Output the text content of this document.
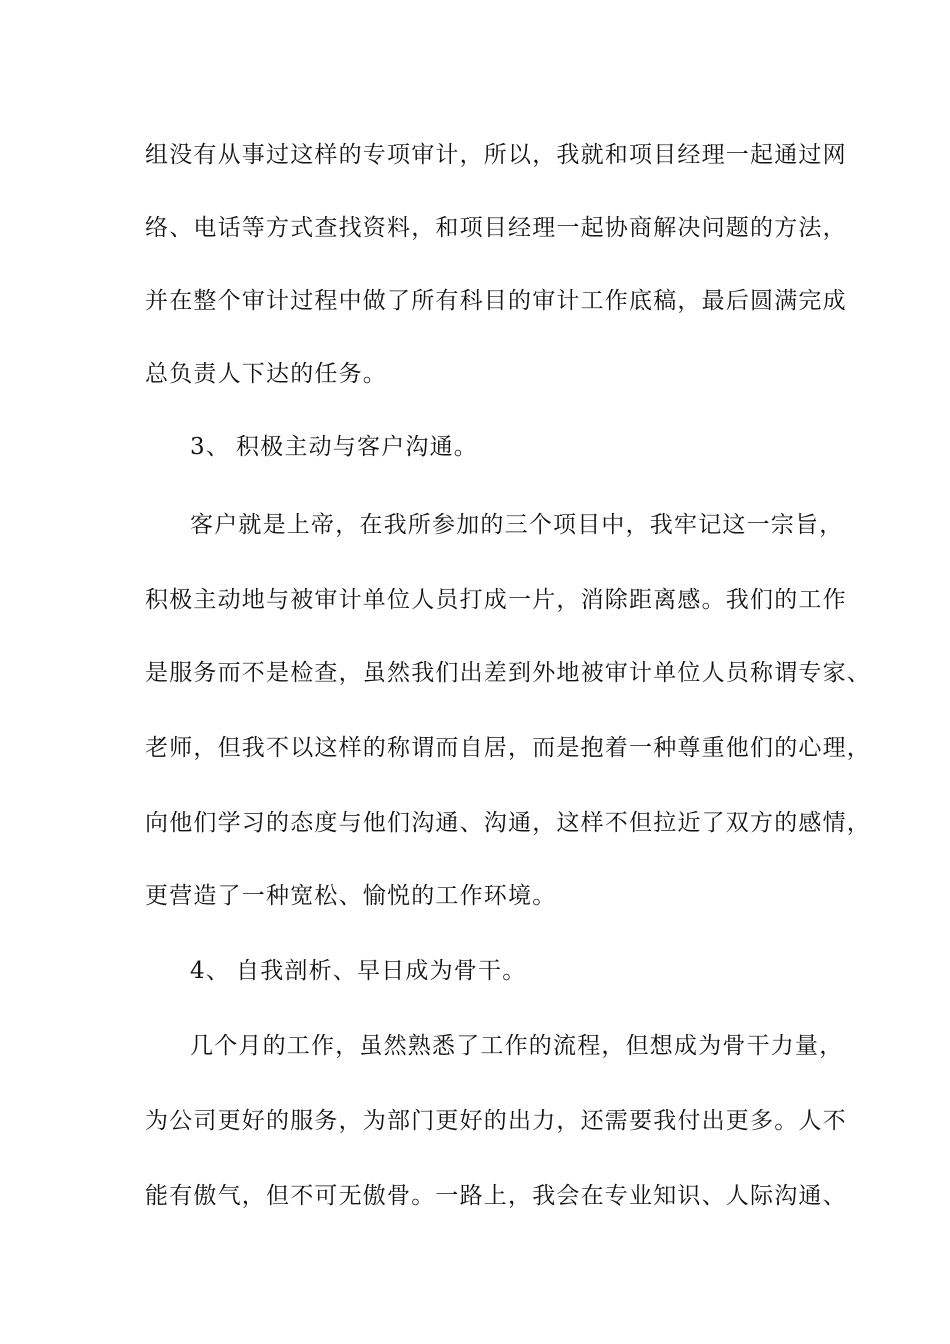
组没有从事过这样的专项审计，所以，我就和项目经理一起通过网
络、电话等方式查找资料，和项目经理一起协商解决问题的方法，
并在整个审计过程中做了所有科目的审计工作底稿，最后圆满完成
总负责人下达的任务。
3、 积极主动与客户沟通。
客户就是上帝，在我所参加的三个项目中，我牢记这一宗旨，
积极主动地与被审计单位人员打成一片，消除距离感。我们的工作
是服务而不是检查，虽然我们出差到外地被审计单位人员称谓专家、
老师，但我不以这样的称谓而自居，而是抱着一种尊重他们的心理，
向他们学习的态度与他们沟通、沟通，这样不但拉近了双方的感情，
更营造了一种宽松、愉悦的工作环境。
4、 自我剖析、早日成为骨干。
几个月的工作，虽然熟悉了工作的流程，但想成为骨干力量，
为公司更好的服务，为部门更好的出力，还需要我付出更多。人不
能有傲气，但不可无傲骨。一路上，我会在专业知识、人际沟通、
